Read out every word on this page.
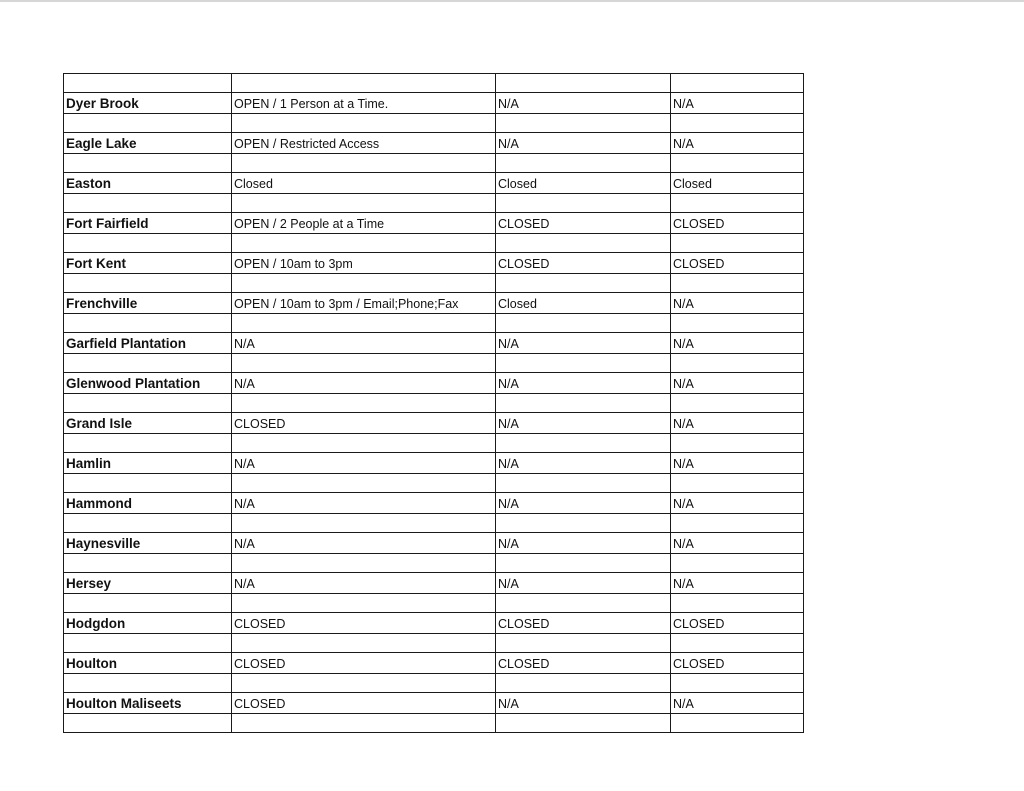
Dyer Brook	OPEN / 1 Person at a Time.	N/A	N/A

Eagle Lake	OPEN / Restricted Access	N/A	N/A

Easton	Closed	Closed	Closed

Fort Fairfield	OPEN / 2 People at a Time	CLOSED	CLOSED

Fort Kent	OPEN / 10am to 3pm	CLOSED	CLOSED

Frenchville	OPEN / 10am to 3pm / Email;Phone;Fax	Closed	N/A

Garfield Plantation	N/A	N/A	N/A

Glenwood Plantation	N/A	N/A	N/A

Grand Isle	CLOSED	N/A	N/A

Hamlin	N/A	N/A	N/A

Hammond	N/A	N/A	N/A

Haynesville	N/A	N/A	N/A

Hersey	N/A	N/A	N/A

Hodgdon	CLOSED	CLOSED	CLOSED

Houlton	CLOSED	CLOSED	CLOSED

Houlton Maliseets	CLOSED	N/A	N/A
